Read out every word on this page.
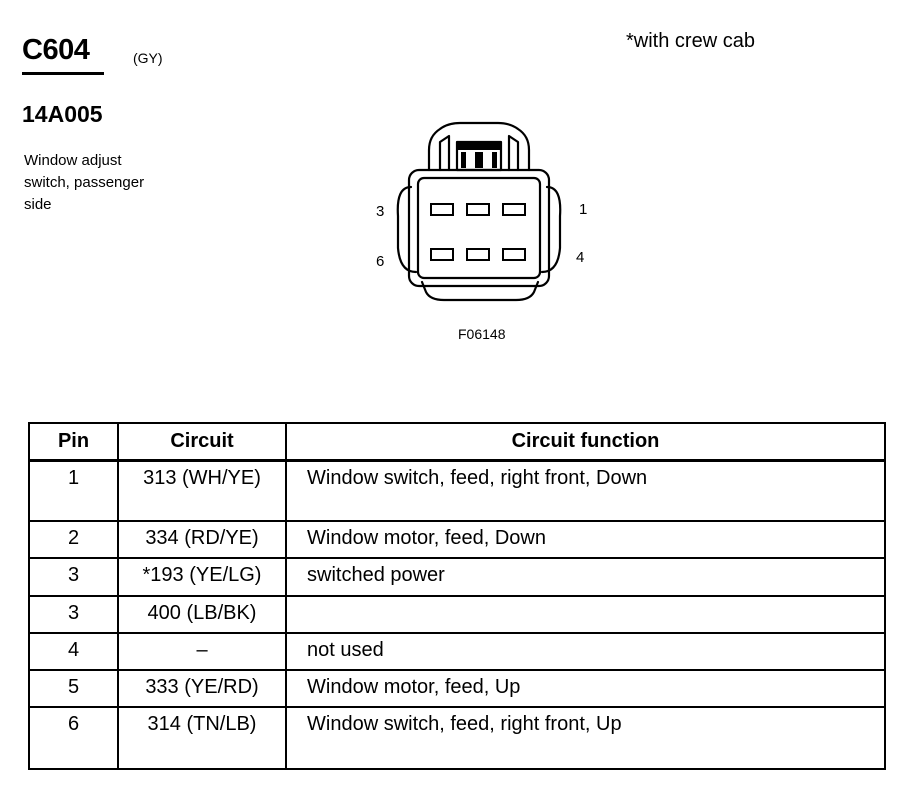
C604	(GY)
*with crew cab
14A005
Window adjust
switch, passenger
side	3	1
6	4
F06148
Pin	Circuit	Circuit function
1	313 (WH/YE)	Window switch, feed, right front, Down
2	334 (RD/YE)	Window motor, feed, Down
3	*193 (YE/LG)	switched power
3	400 (LB/BK)	
4	–	not used
5	333 (YE/RD)	Window motor, feed, Up
6	314 (TN/LB)	Window switch, feed, right front, Up
